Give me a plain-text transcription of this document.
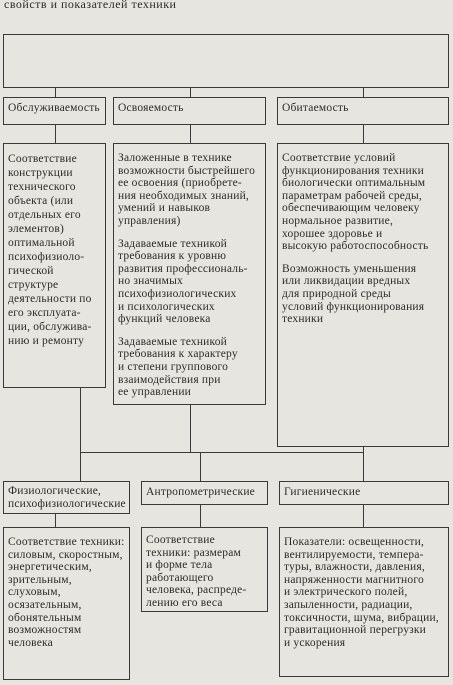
свойств и показателей техники
Обслуживаемость Освояемость	Обитаемость
Соответствие
конструкции
технического
объекта (или
отдельных его
элементов)
оптимальной
психофизиоло-
гической
структуре
деятельности по
его эксплуата-
ции, обслужива-
нию и ремонту
Заложенные в технике
возможности быстрейшего
ее освоения (приобрете-
ния необходимых знаний,
умений и навыков
управления)
Задаваемые техникой
требования к уровню
развития профессиональ-
но значимых
психофизиологических
и психологических
функций человека
Задаваемые техникой
требования к характеру
и степени группового
взаимодействия при
ее управлении
Соответствие условий
функционирования техники
биологически оптимальным
параметрам рабочей среды,
обеспечивающим человеку
нормальное развитие,
хорошее здоровье и
высокую работоспособность
Возможность уменьшения
или ликвидации вредных
для природной среды
условий функционирования
техники
Физиологические,
психофизиологические
Антропометрические	Гигиенические
Соответствие техники:
силовым, скоростным,
энергетическим,
зрительным,
слуховым,
осязательным,
обонятельным
возможностям
человека
Соответствие
техники: размерам
и форме тела
работающего
человека, распреде-
лению его веса
Показатели: освещенности,
вентилируемости, темпера-
туры, влажности, давления,
напряженности магнитного
и электрического полей,
запыленности, радиации,
токсичности, шума, вибрации,
гравитационной перегрузки
и ускорения
